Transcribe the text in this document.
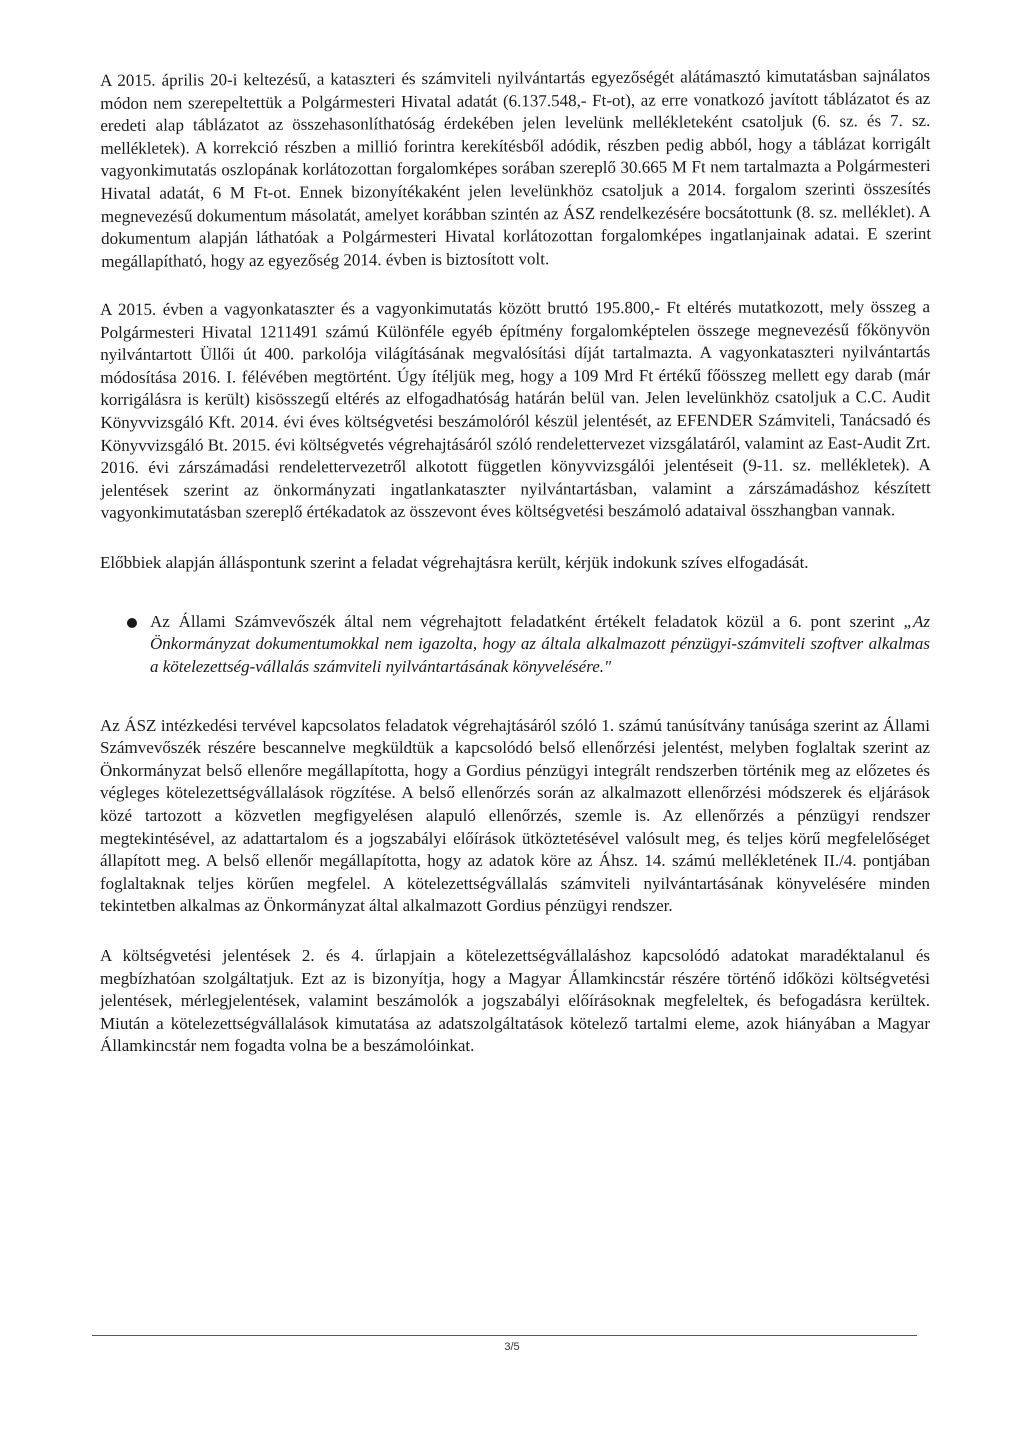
A 2015. április 20-i keltezésű, a kataszteri és számviteli nyilvántartás egyezőségét alátámasztó kimutatásban sajnálatos módon nem szerepeltettük a Polgármesteri Hivatal adatát (6.137.548,- Ft-ot), az erre vonatkozó javított táblázatot és az eredeti alap táblázatot az összehasonlíthatóság érdekében jelen levelünk mellékleteként csatoljuk (6. sz. és 7. sz. mellékletek). A korrekció részben a millió forintra kerekítésből adódik, részben pedig abból, hogy a táblázat korrigált vagyonkimutatás oszlopának korlátozottan forgalomképes sorában szereplő 30.665 M Ft nem tartalmazta a Polgármesteri Hivatal adatát, 6 M Ft-ot. Ennek bizonyítékaként jelen levelünkhöz csatoljuk a 2014. forgalom szerinti összesítés megnevezésű dokumentum másolatát, amelyet korábban szintén az ÁSZ rendelkezésére bocsátottunk (8. sz. melléklet). A dokumentum alapján láthatóak a Polgármesteri Hivatal korlátozottan forgalomképes ingatlanjainak adatai. E szerint megállapítható, hogy az egyezőség 2014. évben is biztosított volt.

A 2015. évben a vagyonkataszter és a vagyonkimutatás között bruttó 195.800,- Ft eltérés mutatkozott, mely összeg a Polgármesteri Hivatal 1211491 számú Különféle egyéb építmény forgalomképtelen összege megnevezésű főkönyvön nyilvántartott Üllői út 400. parkolója világításának megvalósítási díját tartalmazta. A vagyonkataszteri nyilvántartás módosítása 2016. I. félévében megtörtént. Úgy ítéljük meg, hogy a 109 Mrd Ft értékű főösszeg mellett egy darab (már korrigálásra is került) kisösszegű eltérés az elfogadhatóság határán belül van. Jelen levelünkhöz csatoljuk a C.C. Audit Könyvvizsgáló Kft. 2014. évi éves költségvetési beszámolóról készül jelentését, az EFENDER Számviteli, Tanácsadó és Könyvvizsgáló Bt. 2015. évi költségvetés végrehajtásáról szóló rendelettervezet vizsgálatáról, valamint az East-Audit Zrt. 2016. évi zárszámadási rendelettervezetről alkotott független könyvvizsgálói jelentéseit (9-11. sz. mellékletek). A jelentések szerint az önkormányzati ingatlankataszter nyilvántartásban, valamint a zárszámadáshoz készített vagyonkimutatásban szereplő értékadatok az összevont éves költségvetési beszámoló adataival összhangban vannak.

Előbbiek alapján álláspontunk szerint a feladat végrehajtásra került, kérjük indokunk szíves elfogadását.

Az Állami Számvevőszék által nem végrehajtott feladatként értékelt feladatok közül a 6. pont szerint „Az Önkormányzat dokumentumokkal nem igazolta, hogy az általa alkalmazott pénzügyi-számviteli szoftver alkalmas a kötelezettség-vállalás számviteli nyilvántartásának könyvelésére."

Az ÁSZ intézkedési tervével kapcsolatos feladatok végrehajtásáról szóló 1. számú tanúsítvány tanúsága szerint az Állami Számvevőszék részére bescannelve megküldtük a kapcsolódó belső ellenőrzési jelentést, melyben foglaltak szerint az Önkormányzat belső ellenőre megállapította, hogy a Gordius pénzügyi integrált rendszerben történik meg az előzetes és végleges kötelezettségvállalások rögzítése. A belső ellenőrzés során az alkalmazott ellenőrzési módszerek és eljárások közé tartozott a közvetlen megfigyelésen alapuló ellenőrzés, szemle is. Az ellenőrzés a pénzügyi rendszer megtekintésével, az adattartalom és a jogszabályi előírások ütköztetésével valósult meg, és teljes körű megfelelőséget állapított meg. A belső ellenőr megállapította, hogy az adatok köre az Áhsz. 14. számú mellékletének II./4. pontjában foglaltaknak teljes körűen megfelel. A kötelezettségvállalás számviteli nyilvántartásának könyvelésére minden tekintetben alkalmas az Önkormányzat által alkalmazott Gordius pénzügyi rendszer.

A költségvetési jelentések 2. és 4. űrlapjain a kötelezettségvállaláshoz kapcsolódó adatokat maradéktalanul és megbízhatóan szolgáltatjuk. Ezt az is bizonyítja, hogy a Magyar Államkincstár részére történő időközi költségvetési jelentések, mérlegjelentések, valamint beszámolók a jogszabályi előírásoknak megfeleltek, és befogadásra kerültek. Miután a kötelezettségvállalások kimutatása az adatszolgáltatások kötelező tartalmi eleme, azok hiányában a Magyar Államkincstár nem fogadta volna be a beszámolóinkat.

3/5
